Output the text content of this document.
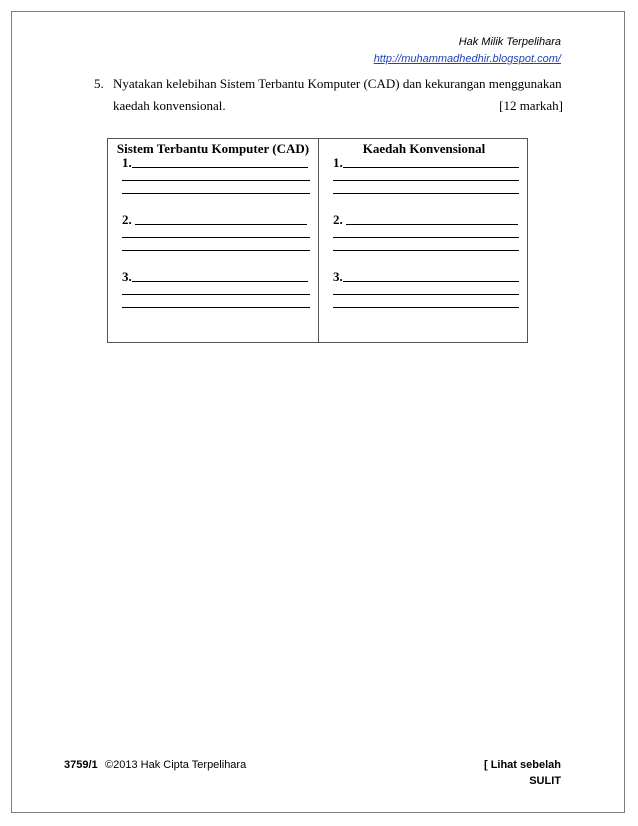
Hak Milik Terpelihara
http://muhammadhedhir.blogspot.com/
5. Nyatakan kelebihan Sistem Terbantu Komputer (CAD) dan kekurangan menggunakan
kaedah konvensional.	[12 markah]
Sistem Terbantu Komputer (CAD)
1.
2.
3.
Kaedah Konvensional
1.
2.
3.
3759/1 ©2013 Hak Cipta Terpelihara	[ Lihat sebelah
SULIT
